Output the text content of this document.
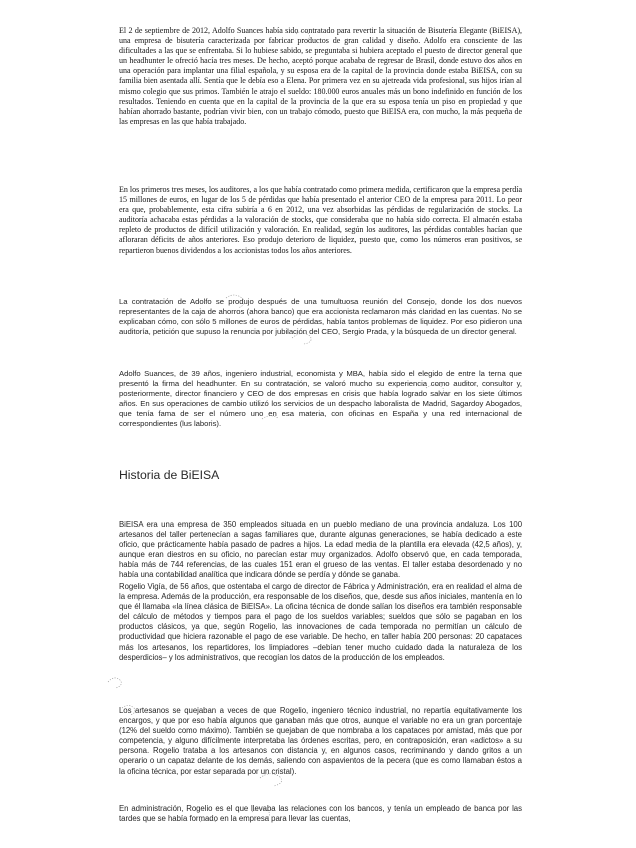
El 2 de septiembre de 2012, Adolfo Suances había sido contratado para revertir la situación de Bisutería Elegante (BiEISA), una empresa de bisutería caracterizada por fabricar productos de gran calidad y diseño. Adolfo era consciente de las dificultades a las que se enfrentaba. Si lo hubiese sabido, se preguntaba si hubiera aceptado el puesto de director general que un headhunter le ofreció hacía tres meses. De hecho, aceptó porque acababa de regresar de Brasil, donde estuvo dos años en una operación para implantar una filial española, y su esposa era de la capital de la provincia donde estaba BiEISA, con su familia bien asentada allí. Sentía que le debía eso a Elena. Por primera vez en su ajetreada vida profesional, sus hijos irían al mismo colegio que sus primos. También le atrajo el sueldo: 180.000 euros anuales más un bono indefinido en función de los resultados. Teniendo en cuenta que en la capital de la provincia de la que era su esposa tenía un piso en propiedad y que habían ahorrado bastante, podrían vivir bien, con un trabajo cómodo, puesto que BiEISA era, con mucho, la más pequeña de las empresas en las que había trabajado.

En los primeros tres meses, los auditores, a los que había contratado como primera medida, certificaron que la empresa perdía 15 millones de euros, en lugar de los 5 de pérdidas que había presentado el anterior CEO de la empresa para 2011. Lo peor era que, probablemente, esta cifra subiría a 6 en 2012, una vez absorbidas las pérdidas de regularización de stocks. La auditoría achacaba estas pérdidas a la valoración de stocks, que consideraba que no había sido correcta. El almacén estaba repleto de productos de difícil utilización y valoración. En realidad, según los auditores, las pérdidas contables hacían que afloraran déficits de años anteriores. Eso produjo deterioro de liquidez, puesto que, como los números eran positivos, se repartieron buenos dividendos a los accionistas todos los años anteriores.

La contratación de Adolfo se produjo después de una tumultuosa reunión del Consejo, donde los dos nuevos representantes de la caja de ahorros (ahora banco) que era accionista reclamaron más claridad en las cuentas. No se explicaban cómo, con sólo 5 millones de euros de pérdidas, había tantos problemas de liquidez. Por eso pidieron una auditoría, petición que supuso la renuncia por jubilación del CEO, Sergio Prada, y la búsqueda de un director general.

Adolfo Suances, de 39 años, ingeniero industrial, economista y MBA, había sido el elegido de entre la terna que presentó la firma del headhunter. En su contratación, se valoró mucho su experiencia como auditor, consultor y, posteriormente, director financiero y CEO de dos empresas en crisis que había logrado salvar en los siete últimos años. En sus operaciones de cambio utilizó los servicios de un despacho laboralista de Madrid, Sagardoy Abogados, que tenía fama de ser el número uno en esa materia, con oficinas en España y una red internacional de correspondientes (lus laboris).

Historia de BiEISA

BiEISA era una empresa de 350 empleados situada en un pueblo mediano de una provincia andaluza. Los 100 artesanos del taller pertenecían a sagas familiares que, durante algunas generaciones, se había dedicado a este oficio, que prácticamente había pasado de padres a hijos. La edad media de la plantilla era elevada (42,5 años), y, aunque eran diestros en su oficio, no parecían estar muy organizados. Adolfo observó que, en cada temporada, había más de 744 referencias, de las cuales 151 eran el grueso de las ventas. El taller estaba desordenado y no había una contabilidad analítica que indicara dónde se perdía y dónde se ganaba.

Rogelio Vigía, de 56 años, que ostentaba el cargo de director de Fábrica y Administración, era en realidad el alma de la empresa. Además de la producción, era responsable de los diseños, que, desde sus años iniciales, mantenía en lo que él llamaba «la línea clásica de BiEISA». La oficina técnica de donde salían los diseños era también responsable del cálculo de métodos y tiempos para el pago de los sueldos variables; sueldos que sólo se pagaban en los productos clásicos, ya que, según Rogelio, las innovaciones de cada temporada no permitían un cálculo de productividad que hiciera razonable el pago de ese variable. De hecho, en taller había 200 personas: 20 capataces más los artesanos, los repartidores, los limpiadores –debían tener mucho cuidado dada la naturaleza de los desperdicios– y los administrativos, que recogían los datos de la producción de los empleados.

Los artesanos se quejaban a veces de que Rogelio, ingeniero técnico industrial, no repartía equitativamente los encargos, y que por eso había algunos que ganaban más que otros, aunque el variable no era un gran porcentaje (12% del sueldo como máximo). También se quejaban de que nombraba a los capataces por amistad, más que por competencia, y alguno difícilmente interpretaba las órdenes escritas, pero, en contraposición, eran «adictos» a su persona. Rogelio trataba a los artesanos con distancia y, en algunos casos, recriminando y dando gritos a un operario o un capataz delante de los demás, saliendo con aspavientos de la pecera (que es como llamaban éstos a la oficina técnica, por estar separada por un cristal).

En administración, Rogelio es el que llevaba las relaciones con los bancos, y tenía un empleado de banca por las tardes que se había formado en la empresa para llevar las cuentas,
